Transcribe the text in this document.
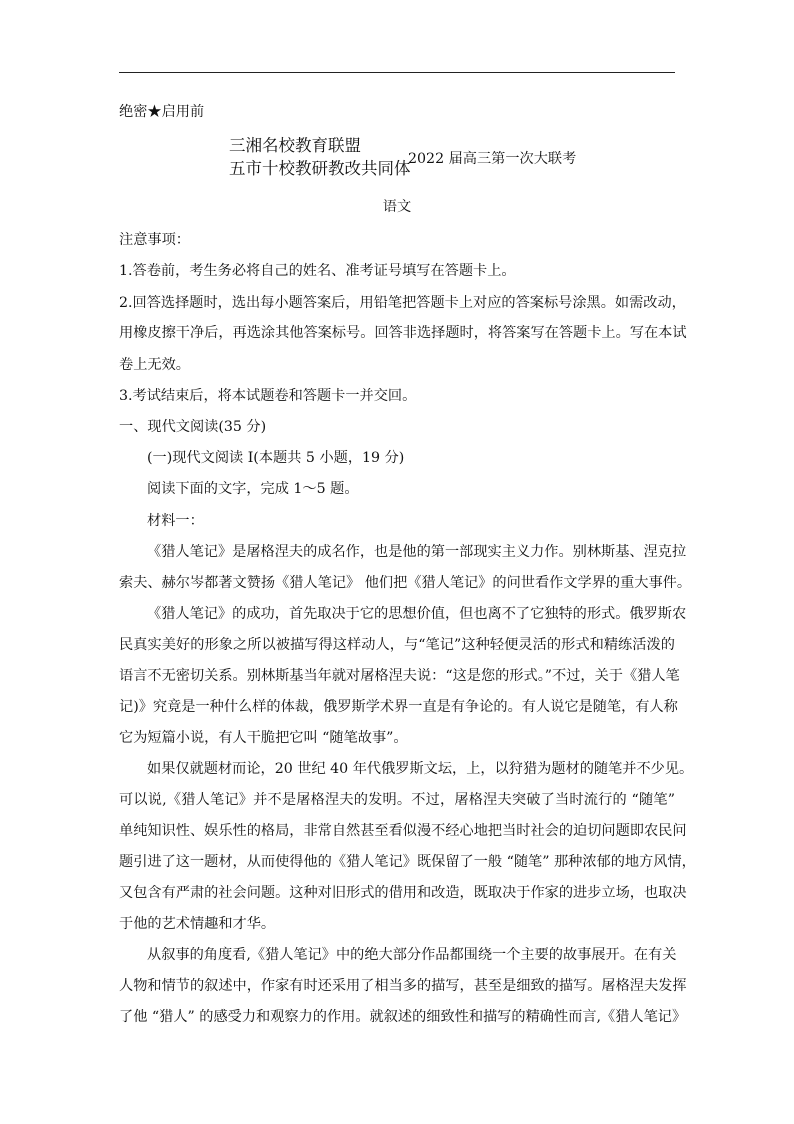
绝密★启用前
三湘名校教育联盟
五市十校教研教改共同体
2022 届高三第一次大联考
语文
注意事项：
1.答卷前，考生务必将自己的姓名、准考证号填写在答题卡上。
2.回答选择题时，选出每小题答案后，用铅笔把答题卡上对应的答案标号涂黑。如需改动，
用橡皮擦干净后，再选涂其他答案标号。回答非选择题时，将答案写在答题卡上。写在本试
卷上无效。
3.考试结束后，将本试题卷和答题卡一并交回。
一、现代文阅读(35 分)
(一)现代文阅读 I(本题共 5 小题，19 分)
阅读下面的文字，完成 1～5 题。
材料一：
《猎人笔记》是屠格涅夫的成名作，也是他的第一部现实主义力作。别林斯基、涅克拉
索夫、赫尔岑都著文赞扬《猎人笔记》 他们把《猎人笔记》的问世看作文学界的重大事件。
《猎人笔记》的成功，首先取决于它的思想价值，但也离不了它独特的形式。俄罗斯农
民真实美好的形象之所以被描写得这样动人，与“笔记”这种轻便灵活的形式和精练活泼的
语言不无密切关系。别林斯基当年就对屠格涅夫说：“这是您的形式。”不过，关于《猎人笔
记)》究竟是一种什么样的体裁，俄罗斯学术界一直是有争论的。有人说它是随笔，有人称
它为短篇小说，有人干脆把它叫 “随笔故事”。
如果仅就题材而论，20 世纪 40 年代俄罗斯文坛，上，以狩猎为题材的随笔并不少见。
可以说,《猎人笔记》并不是屠格涅夫的发明。不过，屠格涅夫突破了当时流行的 “随笔”
单纯知识性、娱乐性的格局，非常自然甚至看似漫不经心地把当时社会的迫切问题即农民问
题引进了这一题材，从而使得他的《猎人笔记》既保留了一般 “随笔” 那种浓郁的地方风情，
又包含有严肃的社会问题。这种对旧形式的借用和改造，既取决于作家的进步立场，也取决
于他的艺术情趣和才华。
从叙事的角度看,《猎人笔记》中的绝大部分作品都围绕一个主要的故事展开。在有关
人物和情节的叙述中，作家有时还采用了相当多的描写，甚至是细致的描写。屠格涅夫发挥
了他 “猎人” 的感受力和观察力的作用。就叙述的细致性和描写的精确性而言,《猎人笔记》
